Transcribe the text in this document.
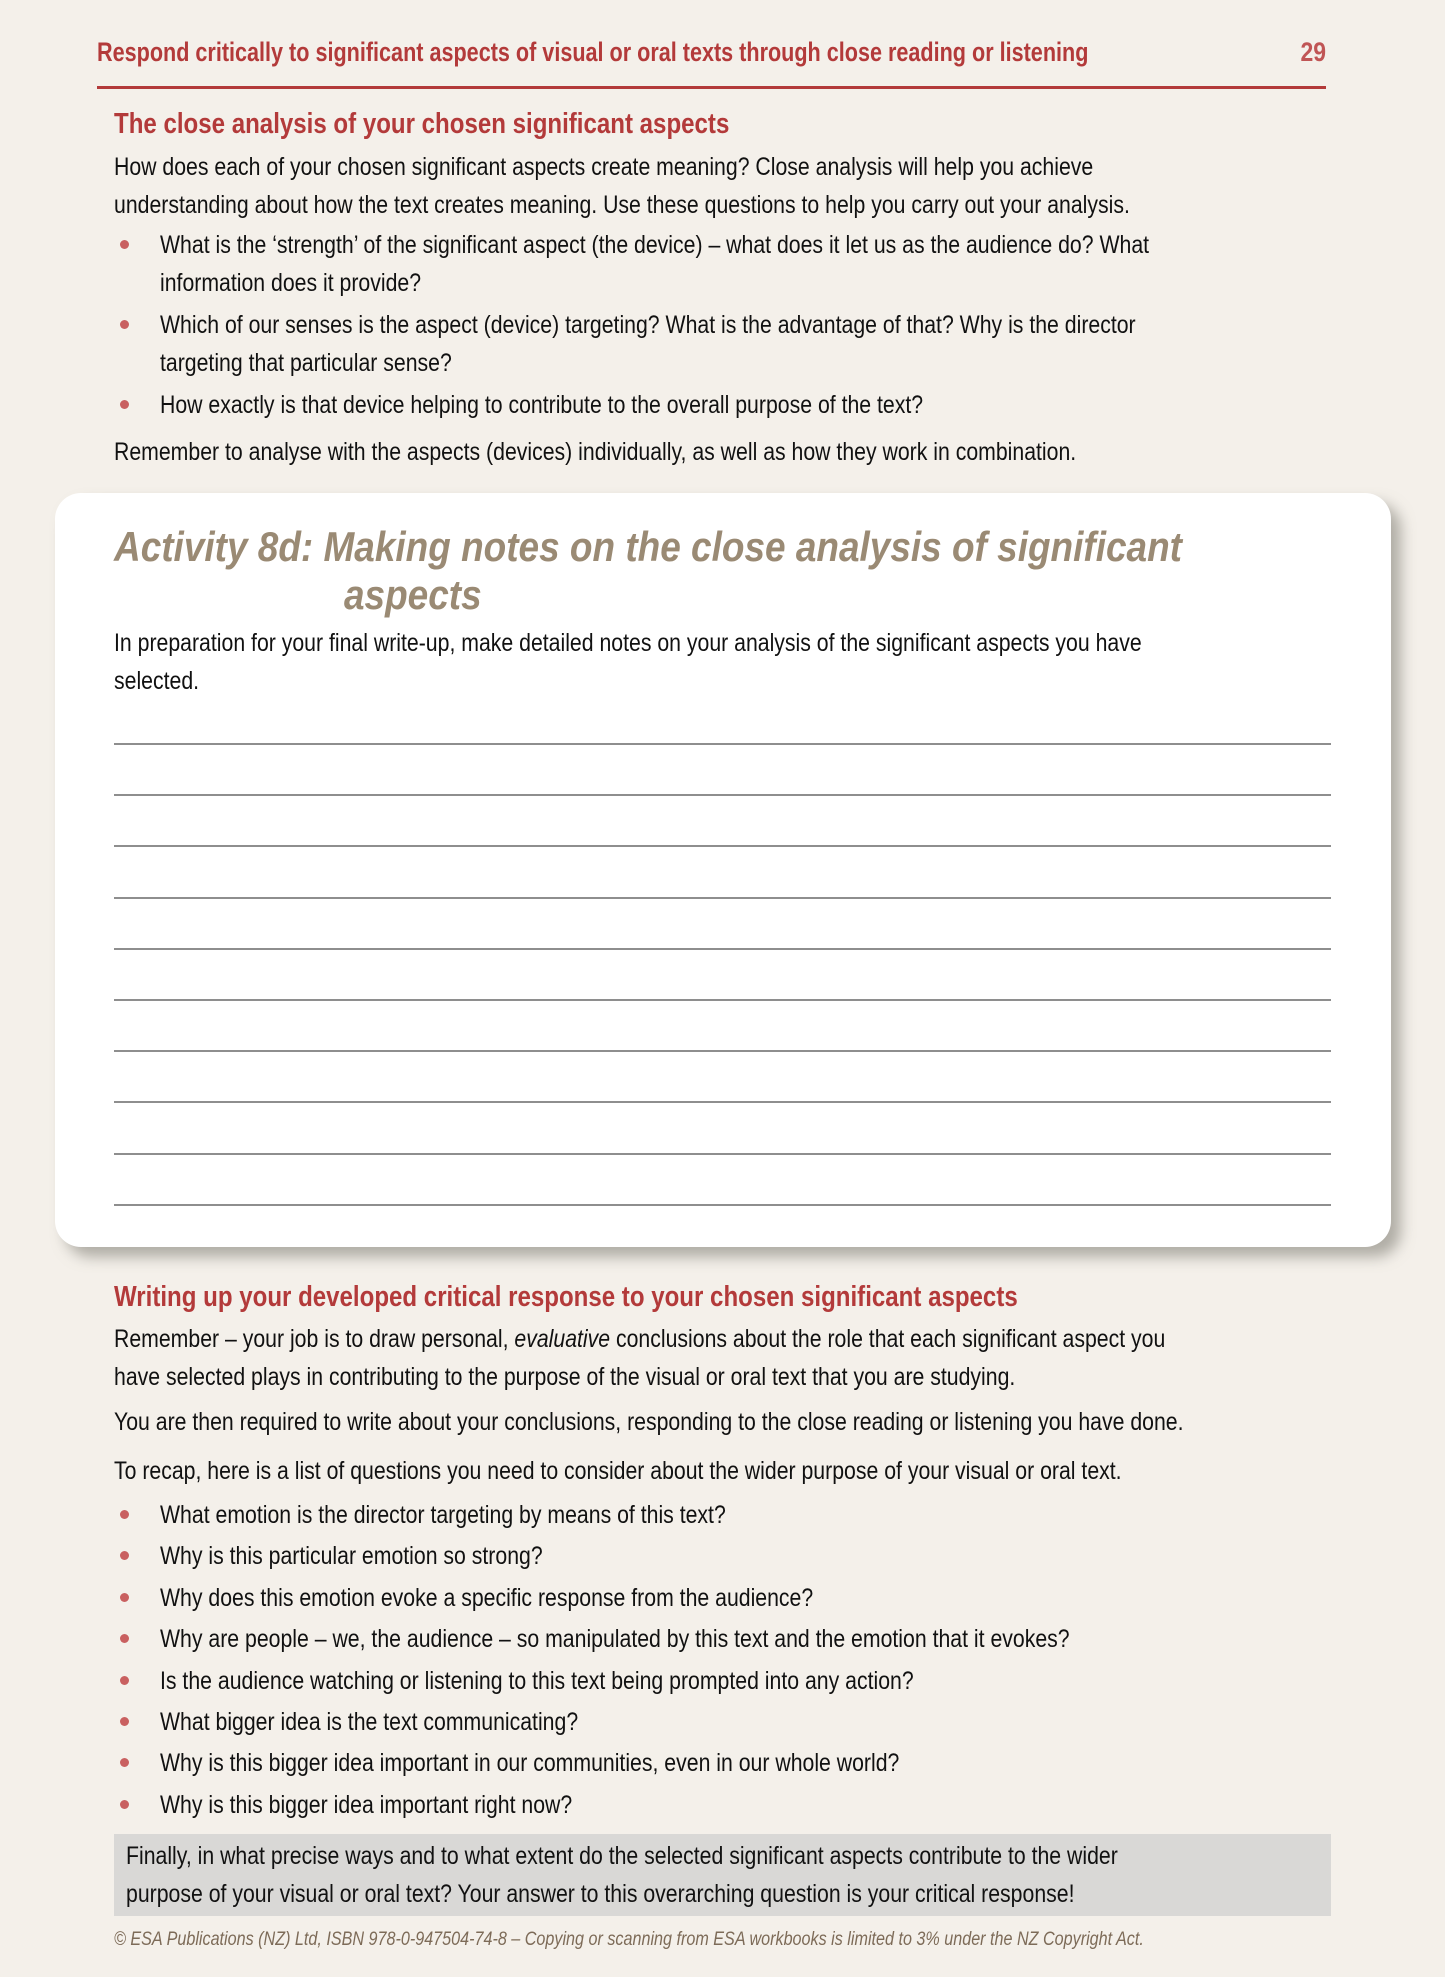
Respond critically to significant aspects of visual or oral texts through close reading or listening	29
The close analysis of your chosen significant aspects
How does each of your chosen significant aspects create meaning? Close analysis will help you achieve
understanding about how the text creates meaning. Use these questions to help you carry out your analysis.
What is the ‘strength’ of the significant aspect (the device) – what does it let us as the audience do? What
information does it provide?
Which of our senses is the aspect (device) targeting? What is the advantage of that? Why is the director
targeting that particular sense?
How exactly is that device helping to contribute to the overall purpose of the text?
Remember to analyse with the aspects (devices) individually, as well as how they work in combination.
Activity 8d: Making notes on the close analysis of significant
aspects
In preparation for your final write-up, make detailed notes on your analysis of the significant aspects you have
selected.
Writing up your developed critical response to your chosen significant aspects
Remember – your job is to draw personal, evaluative conclusions about the role that each significant aspect you
have selected plays in contributing to the purpose of the visual or oral text that you are studying.
You are then required to write about your conclusions, responding to the close reading or listening you have done.
To recap, here is a list of questions you need to consider about the wider purpose of your visual or oral text.
What emotion is the director targeting by means of this text?
Why is this particular emotion so strong?
Why does this emotion evoke a specific response from the audience?
Why are people – we, the audience – so manipulated by this text and the emotion that it evokes?
Is the audience watching or listening to this text being prompted into any action?
What bigger idea is the text communicating?
Why is this bigger idea important in our communities, even in our whole world?
Why is this bigger idea important right now?
Finally, in what precise ways and to what extent do the selected significant aspects contribute to the wider
purpose of your visual or oral text? Your answer to this overarching question is your critical response!
© ESA Publications (NZ) Ltd, ISBN 978-0-947504-74-8 – Copying or scanning from ESA workbooks is limited to 3% under the NZ Copyright Act.
